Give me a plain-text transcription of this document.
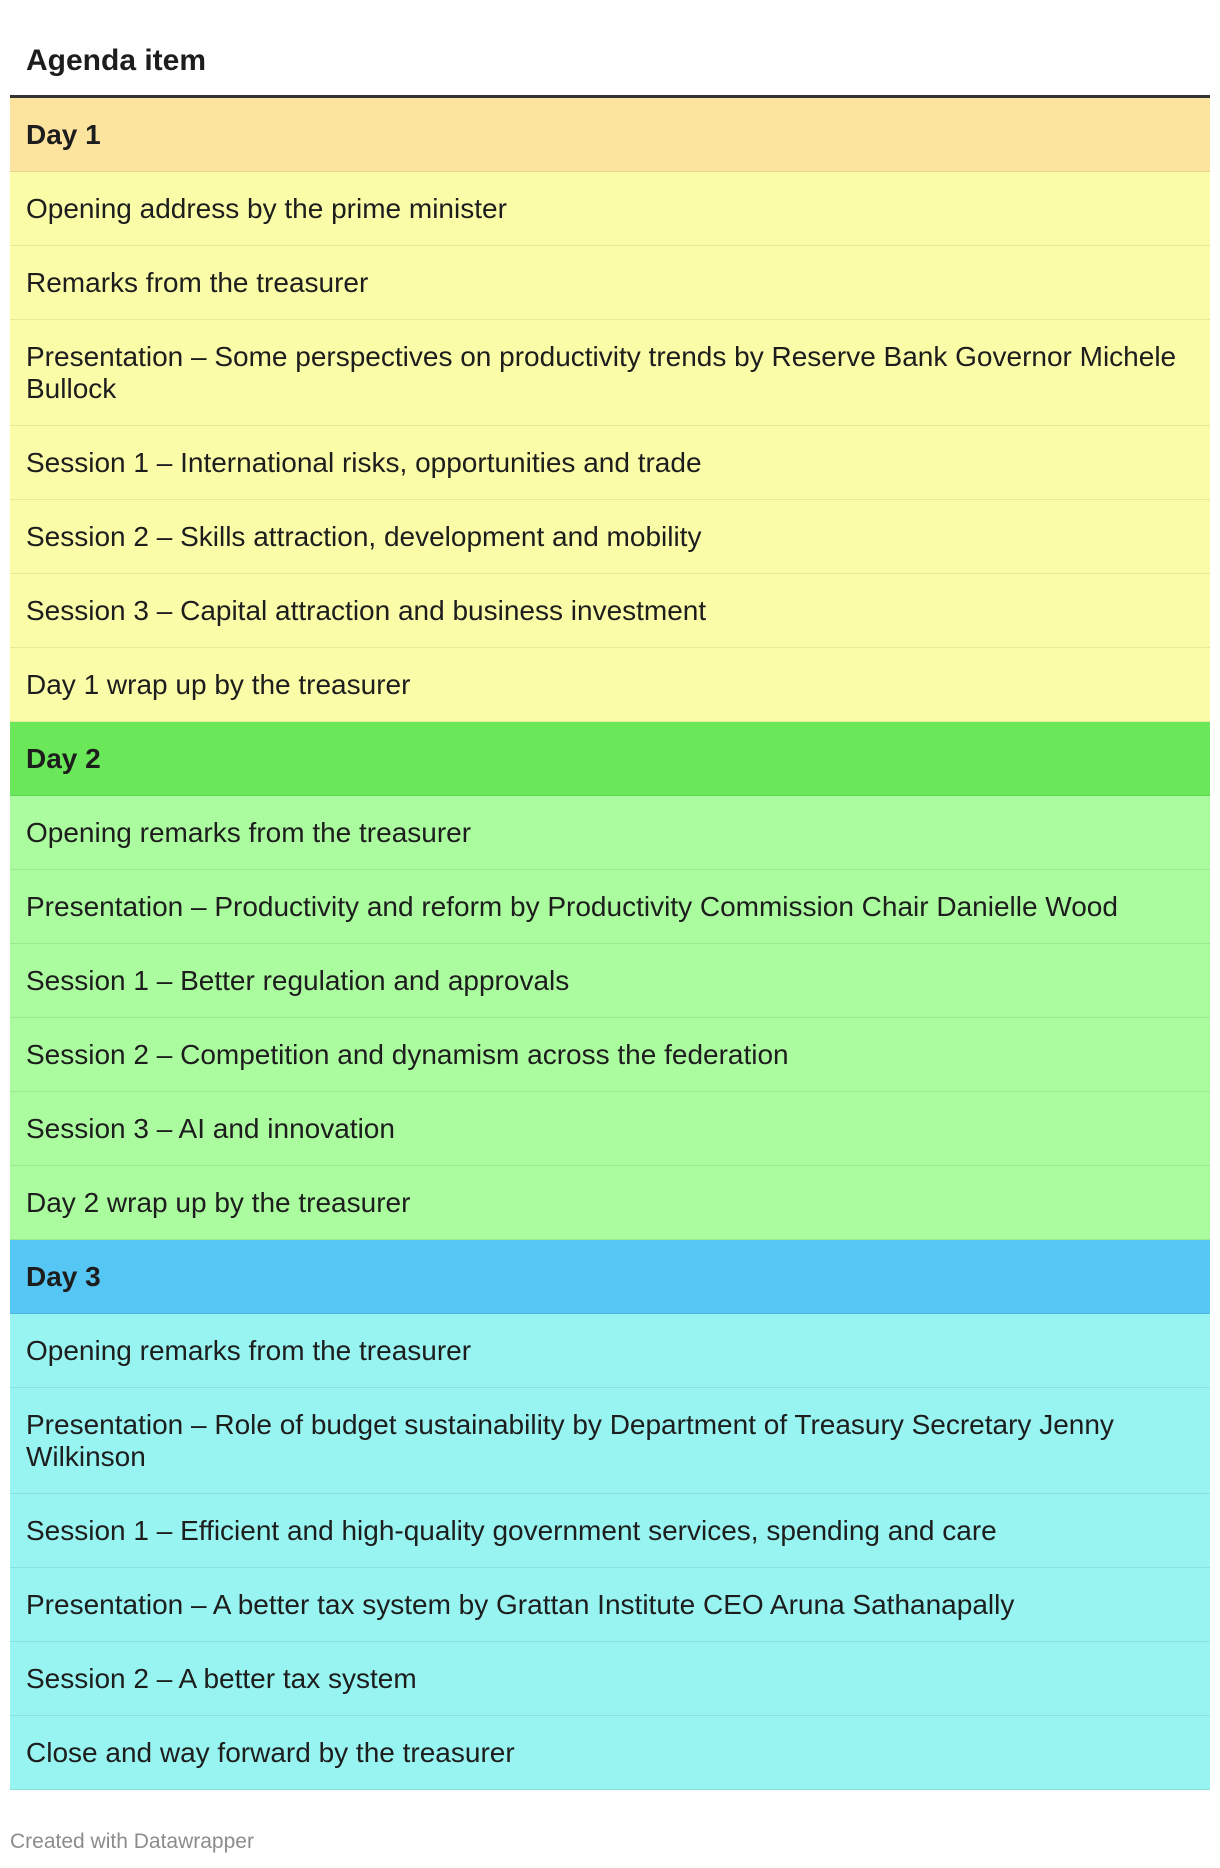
Agenda item
Day 1
Opening address by the prime minister
Remarks from the treasurer
Presentation – Some perspectives on productivity trends by Reserve Bank Governor Michele Bullock
Session 1 – International risks, opportunities and trade
Session 2 – Skills attraction, development and mobility
Session 3 – Capital attraction and business investment
Day 1 wrap up by the treasurer
Day 2
Opening remarks from the treasurer
Presentation – Productivity and reform by Productivity Commission Chair Danielle Wood
Session 1 – Better regulation and approvals
Session 2 – Competition and dynamism across the federation
Session 3 – AI and innovation
Day 2 wrap up by the treasurer
Day 3
Opening remarks from the treasurer
Presentation – Role of budget sustainability by Department of Treasury Secretary Jenny Wilkinson
Session 1 – Efficient and high-quality government services, spending and care
Presentation – A better tax system by Grattan Institute CEO Aruna Sathanapally
Session 2 – A better tax system
Close and way forward by the treasurer
Created with Datawrapper
